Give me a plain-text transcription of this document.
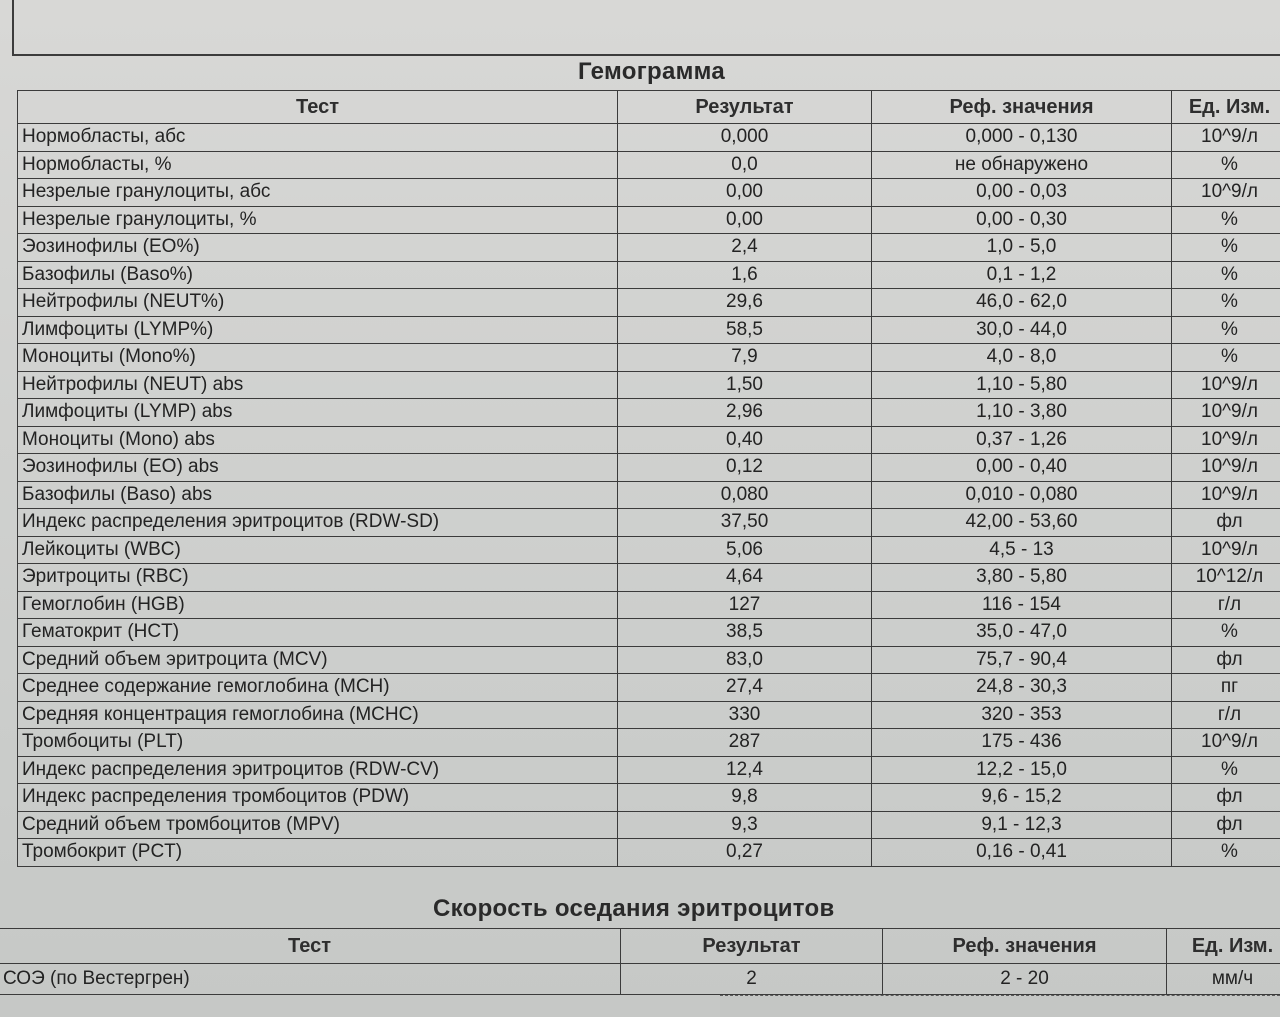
Гемограмма
Тест	Результат	Реф. значения	Ед. Изм.
Нормобласты, абс	0,000	0,000 - 0,130	10^9/л
Нормобласты, %	0,0	не обнаружено	%
Незрелые гранулоциты, абс	0,00	0,00 - 0,03	10^9/л
Незрелые гранулоциты, %	0,00	0,00 - 0,30	%
Эозинофилы (EO%)	2,4	1,0 - 5,0	%
Базофилы (Baso%)	1,6	0,1 - 1,2	%
Нейтрофилы (NEUT%)	29,6	46,0 - 62,0	%
Лимфоциты (LYMP%)	58,5	30,0 - 44,0	%
Моноциты (Mono%)	7,9	4,0 - 8,0	%
Нейтрофилы (NEUT) abs	1,50	1,10 - 5,80	10^9/л
Лимфоциты (LYMP) abs	2,96	1,10 - 3,80	10^9/л
Моноциты (Mono) abs	0,40	0,37 - 1,26	10^9/л
Эозинофилы (EO) abs	0,12	0,00 - 0,40	10^9/л
Базофилы (Baso) abs	0,080	0,010 - 0,080	10^9/л
Индекс распределения эритроцитов (RDW-SD)	37,50	42,00 - 53,60	фл
Лейкоциты (WBC)	5,06	4,5 - 13	10^9/л
Эритроциты (RBC)	4,64	3,80 - 5,80	10^12/л
Гемоглобин (HGB)	127	116 - 154	г/л
Гематокрит (HCT)	38,5	35,0 - 47,0	%
Средний объем эритроцита (MCV)	83,0	75,7 - 90,4	фл
Среднее содержание гемоглобина (MCH)	27,4	24,8 - 30,3	пг
Средняя концентрация гемоглобина (MCHC)	330	320 - 353	г/л
Тромбоциты (PLT)	287	175 - 436	10^9/л
Индекс распределения эритроцитов (RDW-CV)	12,4	12,2 - 15,0	%
Индекс распределения тромбоцитов (PDW)	9,8	9,6 - 15,2	фл
Средний объем тромбоцитов (MPV)	9,3	9,1 - 12,3	фл
Тромбокрит (PCT)	0,27	0,16 - 0,41	%
Скорость оседания эритроцитов
Тест	Результат	Реф. значения	Ед. Изм.
СОЭ (по Вестергрен)	2	2 - 20	мм/ч
